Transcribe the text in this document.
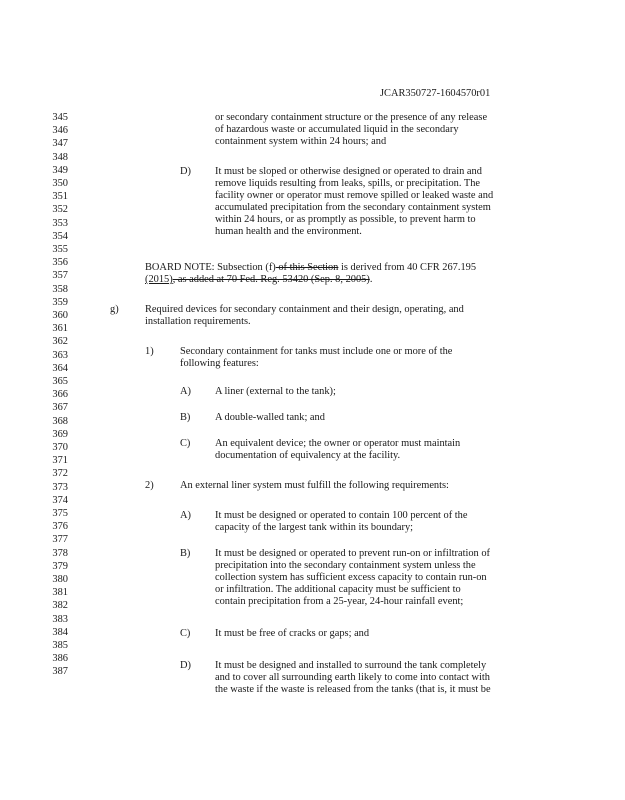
JCAR350727-1604570r01
345
346
347
348
349
350
351
352
353
354
355
356
357
358
359
360
361
362
363
364
365
366
367
368
369
370
371
372
373
374
375
376
377
378
379
380
381
382
383
384
385
386
387
or secondary containment structure or the presence of any release
of hazardous waste or accumulated liquid in the secondary
containment system within 24 hours; and
D) It must be sloped or otherwise designed or operated to drain and
remove liquids resulting from leaks, spills, or precipitation. The
facility owner or operator must remove spilled or leaked waste and
accumulated precipitation from the secondary containment system
within 24 hours, or as promptly as possible, to prevent harm to
human health and the environment.
BOARD NOTE: Subsection (f) of this Section is derived from 40 CFR 267.195
(2015), as added at 70 Fed. Reg. 53420 (Sep. 8, 2005).
g)	Required devices for secondary containment and their design, operating, and
installation requirements.
1)	Secondary containment for tanks must include one or more of the
following features:
A) A liner (external to the tank);
B) A double-walled tank; and
C) An equivalent device; the owner or operator must maintain
documentation of equivalency at the facility.
2)	An external liner system must fulfill the following requirements:
A) It must be designed or operated to contain 100 percent of the
capacity of the largest tank within its boundary;
B) It must be designed or operated to prevent run-on or infiltration of
precipitation into the secondary containment system unless the
collection system has sufficient excess capacity to contain run-on
or infiltration. The additional capacity must be sufficient to
contain precipitation from a 25-year, 24-hour rainfall event;
C) It must be free of cracks or gaps; and
D) It must be designed and installed to surround the tank completely
and to cover all surrounding earth likely to come into contact with
the waste if the waste is released from the tanks (that is, it must be
